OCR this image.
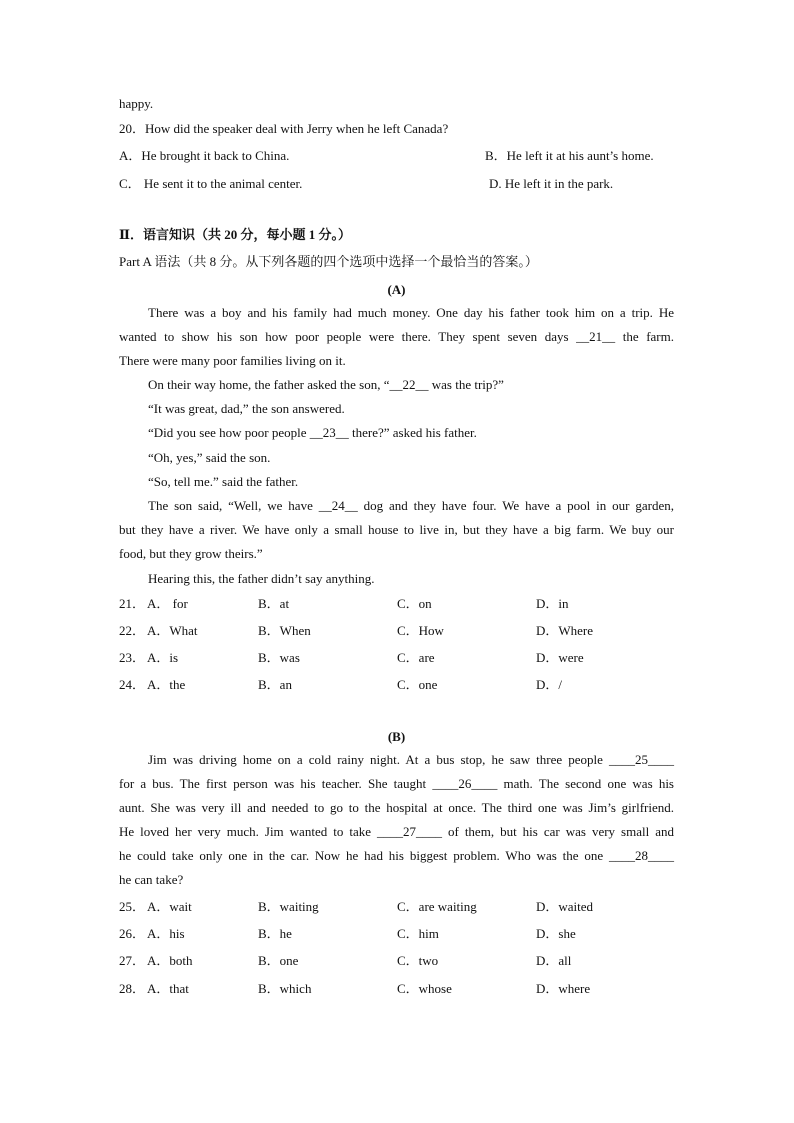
happy.
20．How did the speaker deal with Jerry when he left Canada?
A．He brought it back to China.	B．He left it at his aunt’s home.
C． He sent it to the animal center.	D. He left it in the park.
Ⅱ．语言知识（共 20 分，每小题 1 分。）
Part A 语法（共 8 分。从下列各题的四个选项中选择一个最恰当的答案。）
(A)
There was a boy and his family had much money. One day his father took him on a trip. He
wanted to show his son how poor people were there. They spent seven days __21__ the farm.
There were many poor families living on it.
On their way home, the father asked the son, “__22__ was the trip?”
“It was great, dad,” the son answered.
“Did you see how poor people __23__ there?” asked his father.
“Oh, yes,” said the son.
“So, tell me.” said the father.
The son said, “Well, we have __24__ dog and they have four. We have a pool in our garden,
but they have a river. We have only a small house to live in, but they have a big farm. We buy our
food, but they grow theirs.”
Hearing this, the father didn’t say anything.
21． A． for	B．at	C．on	D．in
22． A．What	B．When	C．How	D．Where
23． A．is	B．was	C．are	D．were
24． A．the	B．an	C．one	D．/
(B)
Jim was driving home on a cold rainy night. At a bus stop, he saw three people ____25____
for a bus. The first person was his teacher. She taught ____26____ math. The second one was his
aunt. She was very ill and needed to go to the hospital at once. The third one was Jim’s girlfriend.
He loved her very much. Jim wanted to take ____27____ of them, but his car was very small and
he could take only one in the car. Now he had his biggest problem. Who was the one ____28____
he can take?
25． A．wait	B．waiting	C．are waiting	D．waited
26． A．his	B．he	C．him	D．she
27． A．both	B．one	C．two	D．all
28． A．that	B．which	C．whose	D．where
